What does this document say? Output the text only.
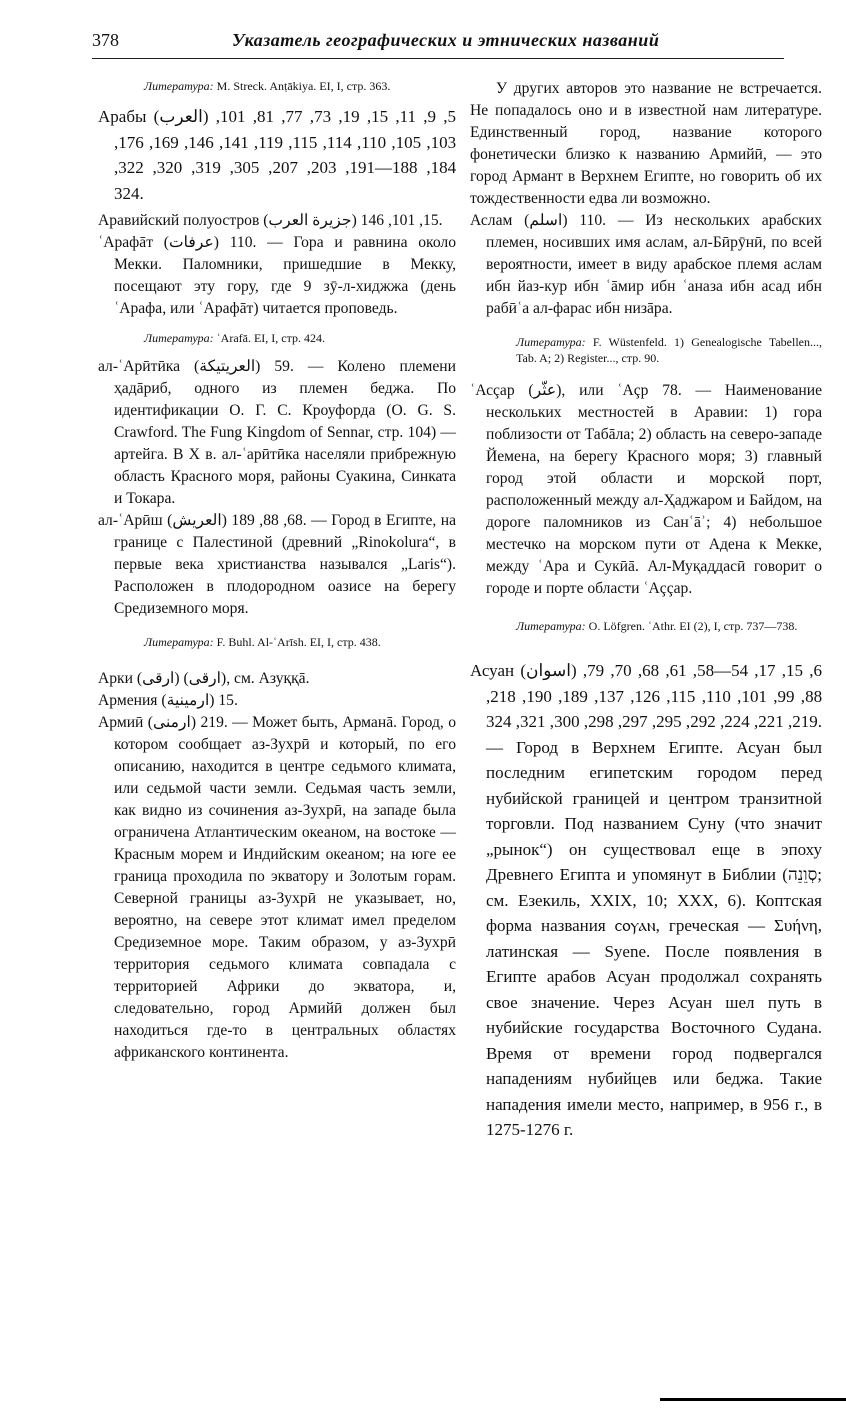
378	Указатель географических и этнических названий

Литература: M. Streck. Anṭākiya. EI, I, стр. 363.

Арабы (العرب) 5, 9, 11, 15, 19, 73, 77, 81, 101, 103, 105, 110, 114, 115, 119, 141, 146, 169, 176, 184, 188—191, 203, 207, 305, 319, 320, 322, 324.

Аравийский полуостров (جزيرة العرب) 15, 101, 146.

ʿАрафāт (عرفات) 110. — Гора и равнина около Мекки. Паломники, пришедшие в Мекку, посещают эту гору, где 9 зӯ-л-хиджжа (день ʿАрафа, или ʿАрафāт) читается проповедь.

Литература: ʿArafā. EI, I, стр. 424.

ал-ʿАрӣтӣка (العريتيكة) 59. — Колено племени ҳадāриб, одного из племен беджа. По идентификации О. Г. С. Кроуфорда (O. G. S. Crawford. The Fung Kingdom of Sennar, стр. 104) — артейга. В X в. ал-ʿарӣтӣка населяли прибрежную область Красного моря, районы Суакина, Синката и Токара.

ал-ʿАрӣш (العريش) 68, 88, 189. — Город в Египте, на границе с Палестиной (древний „Rinokolura“, в первые века христианства назывался „Laris“). Расположен в плодородном оазисе на берегу Средиземного моря.

Литература: F. Buhl. Al-ʿArīsh. EI, I, стр. 438.

Арки (ارقى) (ارقى), см. Азуққā.

Армения (ارمينية) 15.

Армиӣ (ارمنى) 219. — Может быть, Арманā. Город, о котором сообщает аз-Зухрӣ и который, по его описанию, находится в центре седьмого климата, или седьмой части земли. Седьмая часть земли, как видно из сочинения аз-Зухрӣ, на западе была ограничена Атлантическим океаном, на востоке — Красным морем и Индийским океаном; на юге ее граница проходила по экватору и Золотым горам. Северной границы аз-Зухрӣ не указывает, но, вероятно, на севере этот климат имел пределом Средиземное море. Таким образом, у аз-Зухрӣ территория седьмого климата совпадала с территорией Африки до экватора, и, следовательно, город Армийӣ должен был находиться где-то в центральных областях африканского континента.

У других авторов это название не встречается. Не попадалось оно и в известной нам литературе. Единственный город, название которого фонетически близко к названию Армийӣ, — это город Армант в Верхнем Египте, но говорить об их тождественности едва ли возможно.

Аслам (اسلم) 110. — Из нескольких арабских племен, носивших имя аслам, ал-Бӣрӯнӣ, по всей вероятности, имеет в виду арабское племя аслам ибн йаз-кур ибн ʿāмир ибн ʿаназа ибн асад ибн рабӣʿа ал-фарас ибн низāра.

Литература: F. Wüstenfeld. 1) Genealogische Tabellen..., Tab. A; 2) Register..., стр. 90.

ʿАсçар (عثّر), или ʿАçр 78. — Наименование нескольких местностей в Аравии: 1) гора поблизости от Табāла; 2) область на северо-западе Йемена, на берегу Красного моря; 3) главный город этой области и морской порт, расположенный между ал-Ҳаджаром и Байдом, на дороге паломников из Санʿāʾ; 4) небольшое местечко на морском пути от Адена к Мекке, между ʿАра и Сукӣā. Ал-Муқаддасӣ говорит о городе и порте области ʿАççар.

Литература: O. Löfgren. ʿAthr. EI (2), I, стр. 737—738.

Асуан (اسوان) 6, 15, 17, 54—58, 61, 68, 70, 79, 88, 99, 101, 110, 115, 126, 137, 189, 190, 218, 219, 221, 224, 292, 295, 297, 298, 300, 321, 324. — Город в Верхнем Египте. Асуан был последним египетским городом перед нубийской границей и центром транзитной торговли. Под названием Суну (что значит „рынок“) он существовал еще в эпоху Древнего Египта и упомянут в Библии (סְוֵנֵה; см. Езекиль, XXIX, 10; XXX, 6). Коптская форма названия ⲥⲟⲩⲁⲛ, греческая — Συήνη, латинская — Syene. После появления в Египте арабов Асуан продолжал сохранять свое значение. Через Асуан шел путь в нубийские государства Восточного Судана. Время от времени город подвергался нападениям нубийцев или беджа. Такие нападения имели место, например, в 956 г., в 1275-1276 г.
